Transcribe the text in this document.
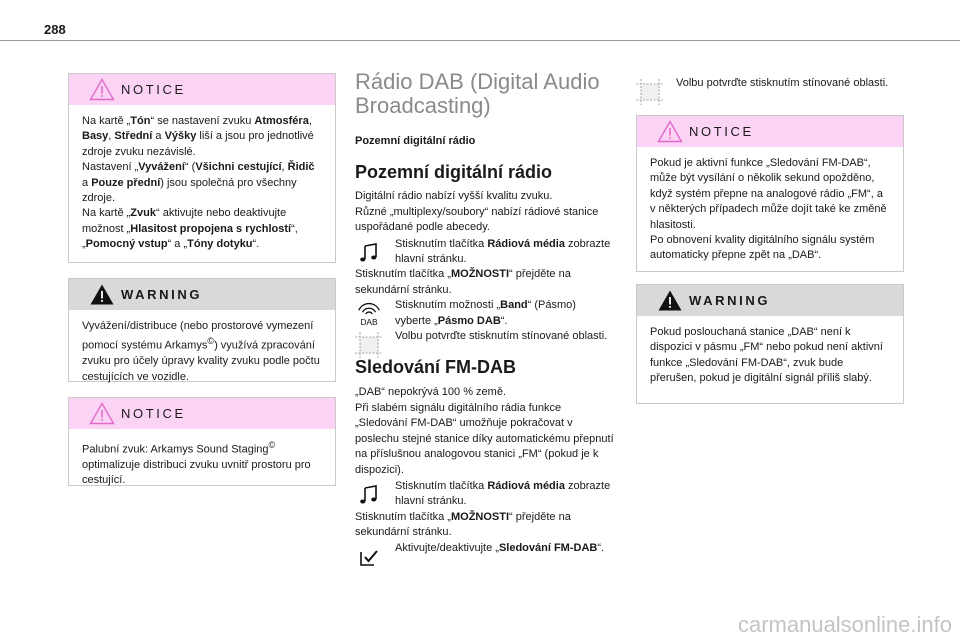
288
NOTICE
Na kartě „Tón“ se nastavení zvuku Atmosféra, Basy, Střední a Výšky liší a jsou pro jednotlivé zdroje zvuku nezávislé.
Nastavení „Vyvážení“ (Všichni cestující, Řidič a Pouze přední) jsou společná pro všechny zdroje.
Na kartě „Zvuk“ aktivujte nebo deaktivujte možnost „Hlasitost propojena s rychlostí“, „Pomocný vstup“ a „Tóny dotyku“.
WARNING
Vyvážení/distribuce (nebo prostorové vymezení pomocí systému Arkamys©) využívá zpracování zvuku pro účely úpravy kvality zvuku podle počtu cestujících ve vozidle.
NOTICE
Palubní zvuk: Arkamys Sound Staging© optimalizuje distribuci zvuku uvnitř prostoru pro cestující.
Rádio DAB (Digital Audio Broadcasting)
Pozemní digitální rádio
Pozemní digitální rádio
Digitální rádio nabízí vyšší kvalitu zvuku.
Různé „multiplexy/soubory“ nabízí rádiové stanice uspořádané podle abecedy.
Stisknutím tlačítka Rádiová média zobrazte hlavní stránku.
Stisknutím tlačítka „MOŽNOSTI“ přejděte na sekundární stránku.
DAB
Stisknutím možnosti „Band“ (Pásmo) vyberte „Pásmo DAB“.
Volbu potvrďte stisknutím stínované oblasti.
Sledování FM-DAB
„DAB“ nepokrývá 100 % země.
Při slabém signálu digitálního rádia funkce „Sledování FM-DAB“ umožňuje pokračovat v poslechu stejné stanice díky automatickému přepnutí na příslušnou analogovou stanici „FM“ (pokud je k dispozici).
Stisknutím tlačítka Rádiová média zobrazte hlavní stránku.
Stisknutím tlačítka „MOŽNOSTI“ přejděte na sekundární stránku.
Aktivujte/deaktivujte „Sledování FM-DAB“.
Volbu potvrďte stisknutím stínované oblasti.
NOTICE
Pokud je aktivní funkce „Sledování FM-DAB“, může být vysílání o několik sekund opožděno, když systém přepne na analogové rádio „FM“, a v některých případech může dojít také ke změně hlasitosti.
Po obnovení kvality digitálního signálu systém automaticky přepne zpět na „DAB“.
WARNING
Pokud poslouchaná stanice „DAB“ není k dispozici v pásmu „FM“ nebo pokud není aktivní funkce „Sledování FM-DAB“, zvuk bude přerušen, pokud je digitální signál příliš slabý.
carmanualsonline.info
